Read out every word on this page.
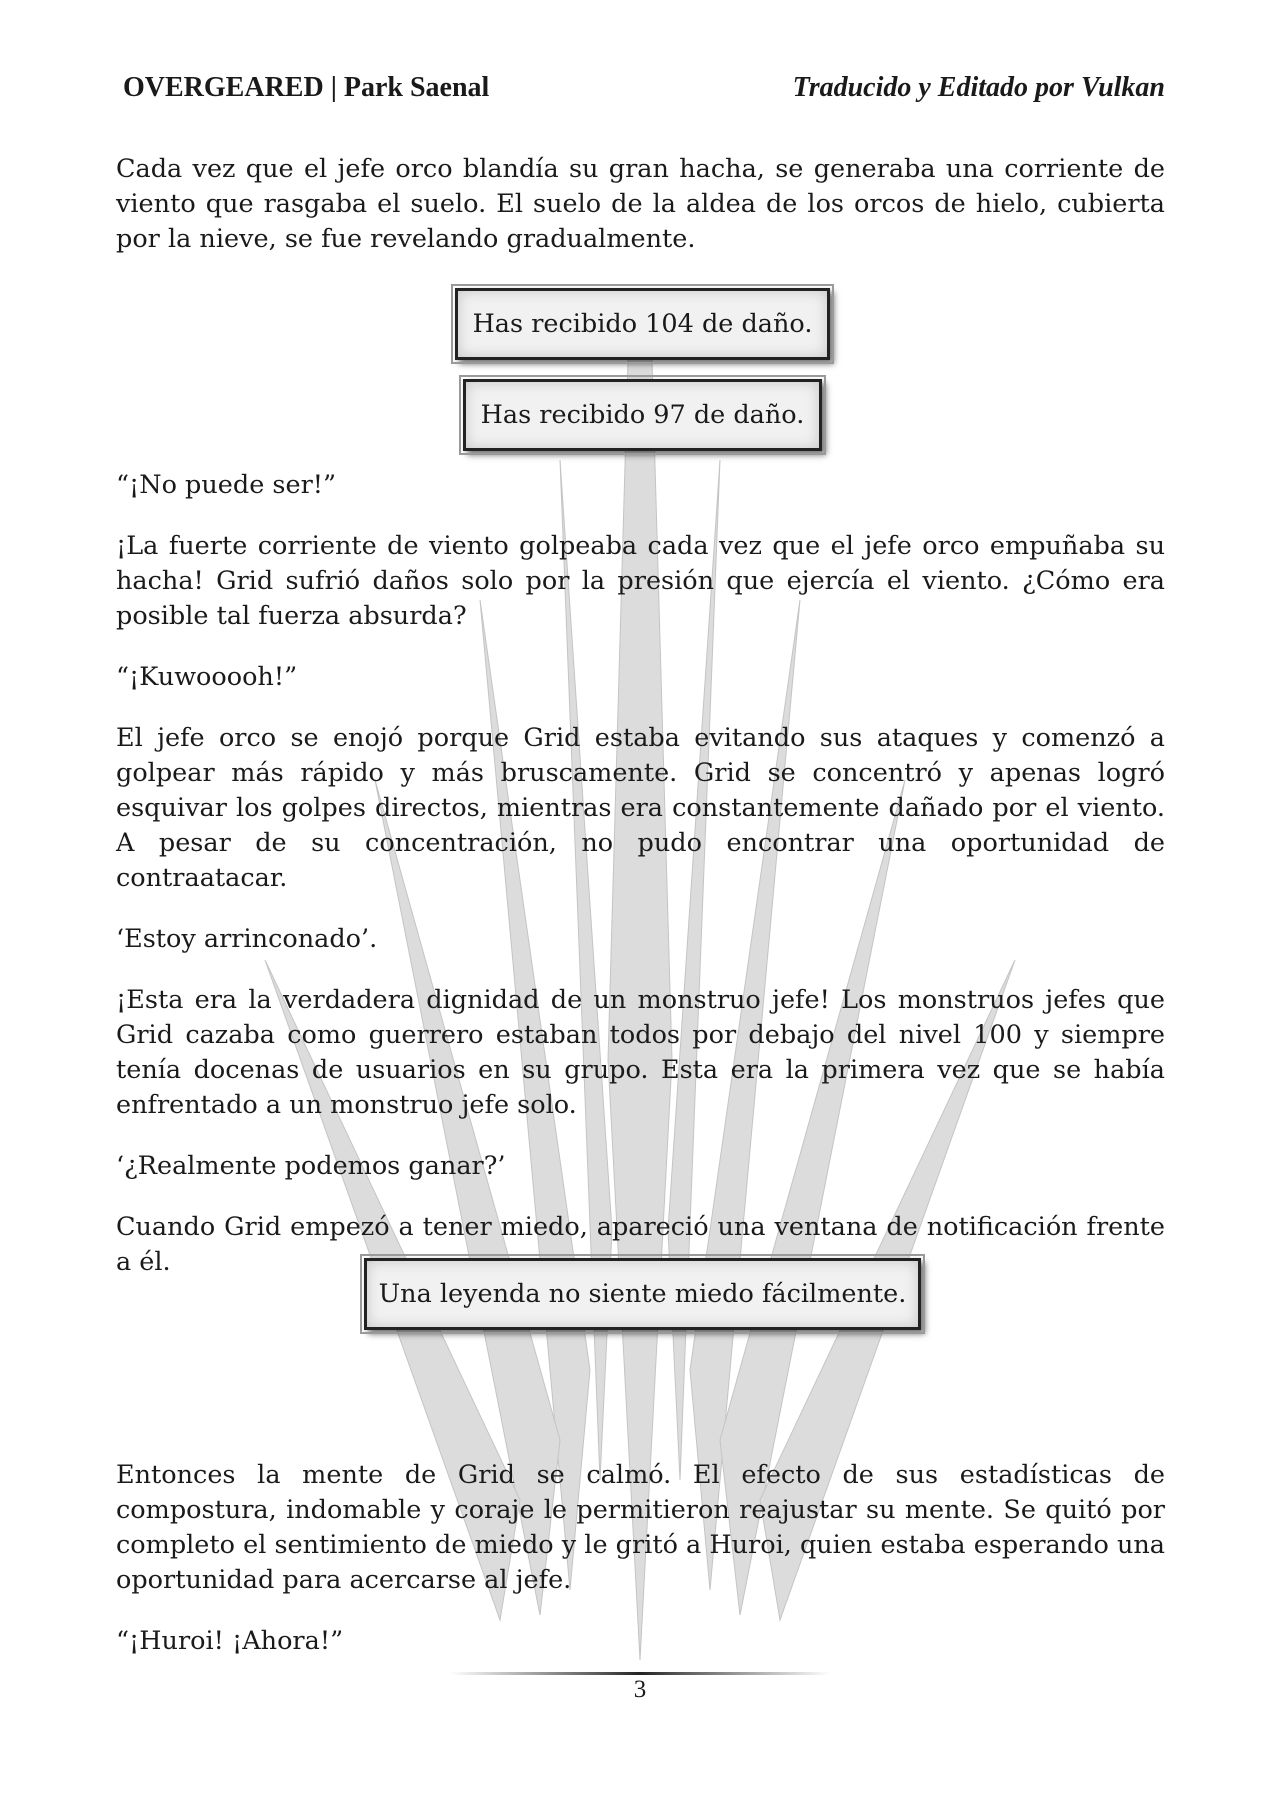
OVERGEARED | Park Saenal	Traducido y Editado por Vulkan
Has recibido 104 de daño.
Has recibido 97 de daño.
Una leyenda no siente miedo fácilmente.

Cada vez que el jefe orco blandía su gran hacha, se generaba una corriente de viento que rasgaba el suelo. El suelo de la aldea de los orcos de hielo, cubierta por la nieve, se fue revelando gradualmente.

“¡No puede ser!”

¡La fuerte corriente de viento golpeaba cada vez que el jefe orco empuñaba su hacha! Grid sufrió daños solo por la presión que ejercía el viento. ¿Cómo era posible tal fuerza absurda?

“¡Kuwooooh!”

El jefe orco se enojó porque Grid estaba evitando sus ataques y comenzó a golpear más rápido y más bruscamente. Grid se concentró y apenas logró esquivar los golpes directos, mientras era constantemente dañado por el viento. A pesar de su concentración, no pudo encontrar una oportunidad de contraatacar.

‘Estoy arrinconado’.

¡Esta era la verdadera dignidad de un monstruo jefe! Los monstruos jefes que Grid cazaba como guerrero estaban todos por debajo del nivel 100 y siempre tenía docenas de usuarios en su grupo. Esta era la primera vez que se había enfrentado a un monstruo jefe solo.

‘¿Realmente podemos ganar?’

Cuando Grid empezó a tener miedo, apareció una ventana de notificación frente a él.

Entonces la mente de Grid se calmó. El efecto de sus estadísticas de compostura, indomable y coraje le permitieron reajustar su mente. Se quitó por completo el sentimiento de miedo y le gritó a Huroi, quien estaba esperando una oportunidad para acercarse al jefe.

“¡Huroi! ¡Ahora!”

3
